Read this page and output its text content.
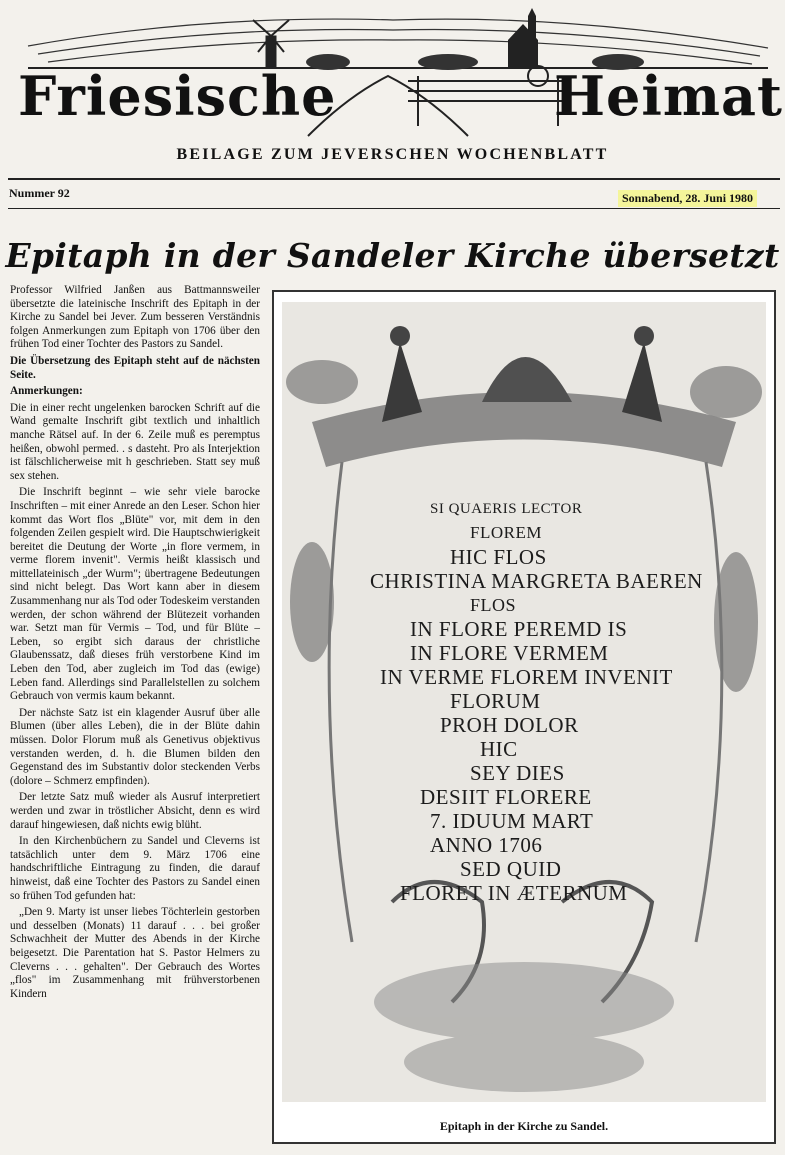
Friesische	Heimat
BEILAGE ZUM JEVERSCHEN WOCHENBLATT
Nummer 92	Sonnabend, 28. Juni 1980
Epitaph in der Sandeler Kirche übersetzt

Professor Wilfried Janßen aus Battmannsweiler übersetzte die lateinische Inschrift des Epitaph in der Kirche zu Sandel bei Jever. Zum besseren Verständnis folgen Anmerkungen zum Epitaph von 1706 über den frühen Tod einer Tochter des Pastors zu Sandel.

Die Übersetzung des Epitaph steht auf de nächsten Seite.

Anmerkungen:

Die in einer recht ungelenken barocken Schrift auf die Wand gemalte Inschrift gibt textlich und inhaltlich manche Rätsel auf. In der 6. Zeile muß es peremptus heißen, obwohl permed. . s dasteht. Pro als Interjektion ist fälschlicherweise mit h geschrieben. Statt sey muß sex stehen.

Die Inschrift beginnt – wie sehr viele barocke Inschriften – mit einer Anrede an den Leser. Schon hier kommt das Wort flos „Blüte" vor, mit dem in den folgenden Zeilen gespielt wird. Die Hauptschwierigkeit bereitet die Deutung der Worte „in flore vermem, in verme florem invenit". Vermis heißt klassisch und mittellateinisch „der Wurm"; übertragene Bedeutungen sind nicht belegt. Das Wort kann aber in diesem Zusammenhang nur als Tod oder Todeskeim verstanden werden, der schon während der Blütezeit vorhanden war. Setzt man für Vermis – Tod, und für Blüte – Leben, so ergibt sich daraus der christliche Glaubenssatz, daß dieses früh verstorbene Kind im Leben den Tod, aber zugleich im Tod das (ewige) Leben fand. Allerdings sind Parallelstellen zu solchem Gebrauch von vermis kaum bekannt.

Der nächste Satz ist ein klagender Ausruf über alle Blumen (über alles Leben), die in der Blüte dahin müssen. Dolor Florum muß als Genetivus objektivus verstanden werden, d. h. die Blumen bilden den Gegenstand des im Substantiv dolor steckenden Verbs (dolore – Schmerz empfinden).

Der letzte Satz muß wieder als Ausruf interpretiert werden und zwar in tröstlicher Absicht, denn es wird darauf hingewiesen, daß nichts ewig blüht.

In den Kirchenbüchern zu Sandel und Cleverns ist tatsächlich unter dem 9. März 1706 eine handschriftliche Eintragung zu finden, die darauf hinweist, daß eine Tochter des Pastors zu Sandel einen so frühen Tod gefunden hat:

„Den 9. Marty ist unser liebes Töchterlein gestorben und desselben (Monats) 11 darauf . . . bei großer Schwachheit der Mutter des Abends in der Kirche beigesetzt. Die Parentation hat S. Pastor Helmers zu Cleverns . . . gehalten". Der Gebrauch des Wortes „flos" im Zusammenhang mit frühverstorbenen Kindern

SI QUAERIS LECTOR
FLOREM
HIC FLOS
CHRISTINA MARGRETA BAEREN
FLOS
IN FLORE PEREMD IS
IN FLORE VERMEM
IN VERME FLOREM INVENIT
FLORUM
PROH DOLOR
HIC
SEY DIES
DESIIT FLORERE
7. IDUUM MART
ANNO 1706
SED QUID
FLORET IN ÆTERNUM
Epitaph in der Kirche zu Sandel.
